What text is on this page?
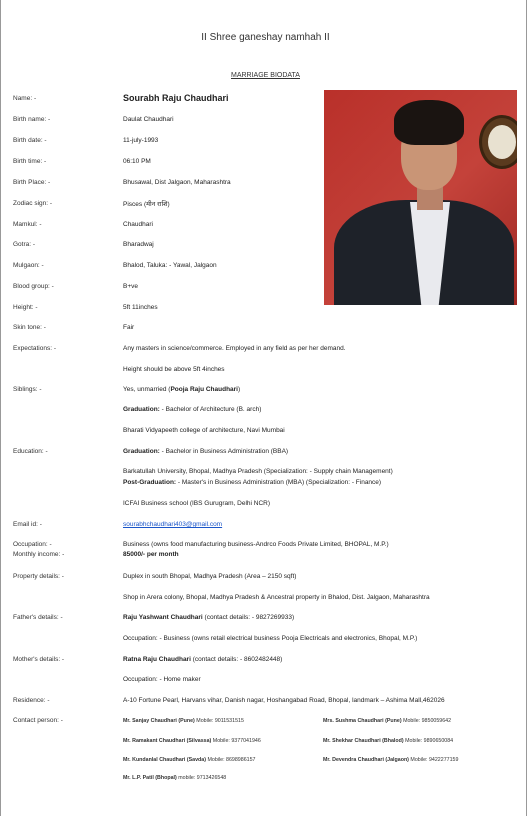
II Shree ganeshay namhah II
MARRIAGE BIODATA
Name: -	Sourabh Raju Chaudhari
Birth name: -	Daulat Chaudhari
Birth date: -	11-july-1993
Birth time: -	06:10 PM
Birth Place: -	Bhusawal, Dist Jalgaon, Maharashtra
Zodiac sign: -	Pisces (मीन राशि)
Mamkul: -	Chaudhari
Gotra: -	Bharadwaj
Mulgaon: -	Bhalod, Taluka: - Yawal, Jalgaon
Blood group: -	B+ve
Height: -	5ft 11inches
Skin tone: -	Fair
Expectations: -	Any masters in science/commerce. Employed in any field as per her demand.
Height should be above 5ft 4inches
Siblings: -	Yes, unmarried (Pooja Raju Chaudhari)
Graduation: - Bachelor of Architecture (B. arch)
Bharati Vidyapeeth college of architecture, Navi Mumbai
Education: -	Graduation: - Bachelor in Business Administration (BBA)
Barkatullah University, Bhopal, Madhya Pradesh (Specialization: - Supply chain Management)
Post-Graduation: - Master's in Business Administration (MBA) (Specialization: - Finance)
ICFAI Business school (IBS Gurugram, Delhi NCR)
Email id: -	sourabhchaudhari403@gmail.com
Occupation: -	Business (owns food manufacturing business-Andrco Foods Private Limited, BHOPAL, M.P.)
Monthly income: -	85000/- per month
Property details: -	Duplex in south Bhopal, Madhya Pradesh (Area – 2150 sqft)
Shop in Arera colony, Bhopal, Madhya Pradesh & Ancestral property in Bhalod, Dist. Jalgaon, Maharashtra
Father's details: -	Raju Yashwant Chaudhari (contact details: - 9827269933)
Occupation: - Business (owns retail electrical business Pooja Electricals and electronics, Bhopal, M.P.)
Mother's details: -	Ratna Raju Chaudhari (contact details: - 8602482448)
Occupation: - Home maker
Residence: -	A-10 Fortune Pearl, Harvans vihar, Danish nagar, Hoshangabad Road, Bhopal, landmark – Ashima Mall,462026
Contact person: -	Mr. Sanjay Chaudhari (Pune) Mobile: 9011531515	Mrs. Sushma Chaudhari (Pune) Mobile: 9850059642
Mr. Ramakant Chaudhari (Silvassa) Mobile: 9377041946	Mr. Shekhar Chaudhari (Bhalod) Mobile: 9890650084
Mr. Kundanlal Chaudhari (Savda) Mobile: 8698986157	Mr. Devendra Chaudhari (Jalgaon) Mobile: 9422277159
Mr. L.P. Patil (Bhopal) mobile: 9713426548
